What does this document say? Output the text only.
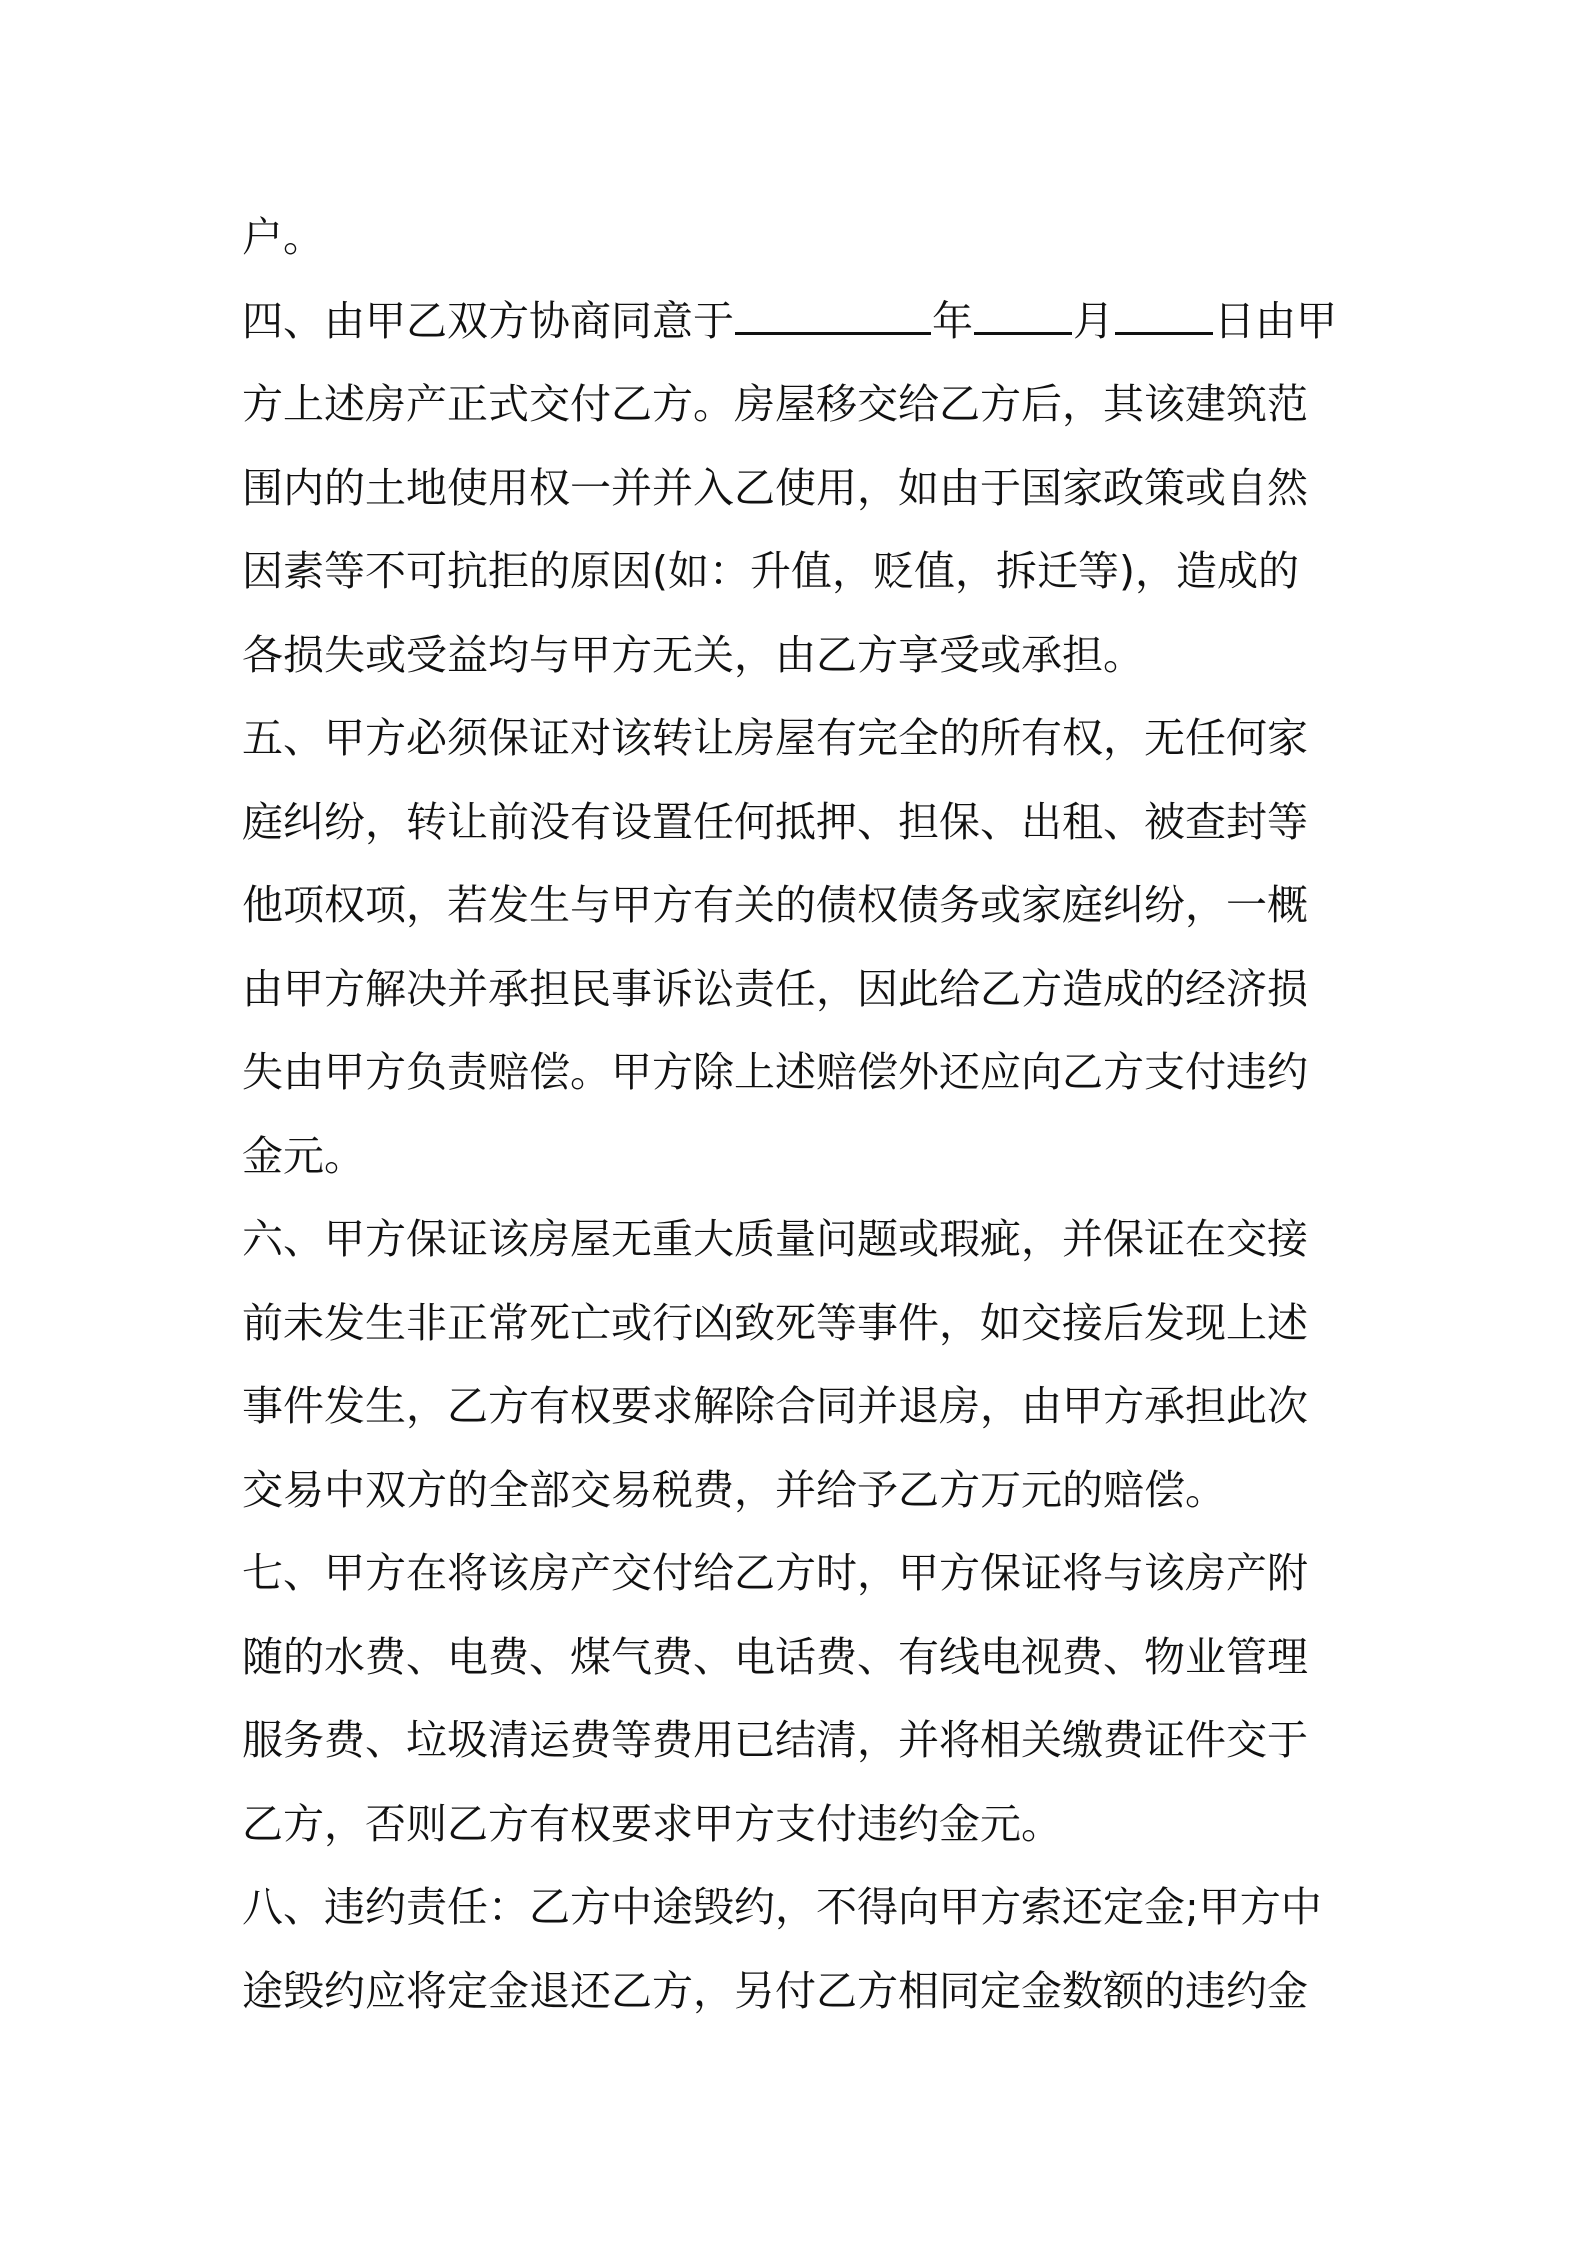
户。
四、由甲乙双方协商同意于	年 月 日由甲
方上述房产正式交付乙方。房屋移交给乙方后，其该建筑范
围内的土地使用权一并并入乙使用，如由于国家政策或自然
因素等不可抗拒的原因(如：升值，贬值，拆迁等)，造成的
各损失或受益均与甲方无关，由乙方享受或承担。
五、甲方必须保证对该转让房屋有完全的所有权，无任何家
庭纠纷，转让前没有设置任何抵押、担保、出租、被查封等
他项权项，若发生与甲方有关的债权债务或家庭纠纷，一概
由甲方解决并承担民事诉讼责任，因此给乙方造成的经济损
失由甲方负责赔偿。甲方除上述赔偿外还应向乙方支付违约
金元。
六、甲方保证该房屋无重大质量问题或瑕疵，并保证在交接
前未发生非正常死亡或行凶致死等事件，如交接后发现上述
事件发生，乙方有权要求解除合同并退房，由甲方承担此次
交易中双方的全部交易税费，并给予乙方万元的赔偿。
七、甲方在将该房产交付给乙方时，甲方保证将与该房产附
随的水费、电费、煤气费、电话费、有线电视费、物业管理
服务费、垃圾清运费等费用已结清，并将相关缴费证件交于
乙方，否则乙方有权要求甲方支付违约金元。
八、违约责任：乙方中途毁约，不得向甲方索还定金;甲方中
途毁约应将定金退还乙方，另付乙方相同定金数额的违约金
